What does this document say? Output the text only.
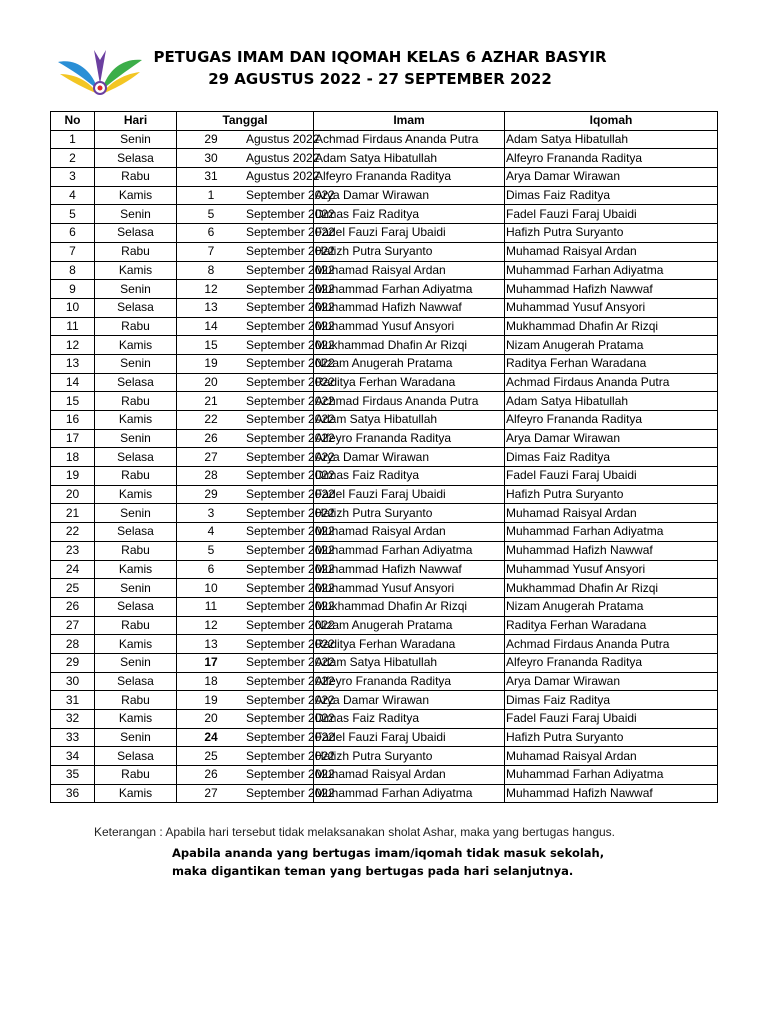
PETUGAS IMAM DAN IQOMAH KELAS 6 AZHAR BASYIR
29 AGUSTUS 2022 - 27 SEPTEMBER 2022
No	Hari	Tanggal		Imam	Iqomah
1	Senin	29	Agustus 2022	Achmad Firdaus Ananda Putra	Adam Satya Hibatullah
2	Selasa	30	Agustus 2022	Adam Satya Hibatullah	Alfeyro Frananda Raditya
3	Rabu	31	Agustus 2022	Alfeyro Frananda Raditya	Arya Damar Wirawan
4	Kamis	1	September 2022	Arya Damar Wirawan	Dimas Faiz Raditya
5	Senin	5	September 2022	Dimas Faiz Raditya	Fadel Fauzi Faraj Ubaidi
6	Selasa	6	September 2022	Fadel Fauzi Faraj Ubaidi	Hafizh Putra Suryanto
7	Rabu	7	September 2022	Hafizh Putra Suryanto	Muhamad Raisyal Ardan
8	Kamis	8	September 2022	Muhamad Raisyal Ardan	Muhammad Farhan Adiyatma
9	Senin	12	September 2022	Muhammad Farhan Adiyatma	Muhammad Hafizh Nawwaf
10	Selasa	13	September 2022	Muhammad Hafizh Nawwaf	Muhammad Yusuf Ansyori
11	Rabu	14	September 2022	Muhammad Yusuf Ansyori	Mukhammad Dhafin Ar Rizqi
12	Kamis	15	September 2022	Mukhammad Dhafin Ar Rizqi	Nizam Anugerah Pratama
13	Senin	19	September 2022	Nizam Anugerah Pratama	Raditya Ferhan Waradana
14	Selasa	20	September 2022	Raditya Ferhan Waradana	Achmad Firdaus Ananda Putra
15	Rabu	21	September 2022	Achmad Firdaus Ananda Putra	Adam Satya Hibatullah
16	Kamis	22	September 2022	Adam Satya Hibatullah	Alfeyro Frananda Raditya
17	Senin	26	September 2022	Alfeyro Frananda Raditya	Arya Damar Wirawan
18	Selasa	27	September 2022	Arya Damar Wirawan	Dimas Faiz Raditya
19	Rabu	28	September 2022	Dimas Faiz Raditya	Fadel Fauzi Faraj Ubaidi
20	Kamis	29	September 2022	Fadel Fauzi Faraj Ubaidi	Hafizh Putra Suryanto
21	Senin	3	September 2022	Hafizh Putra Suryanto	Muhamad Raisyal Ardan
22	Selasa	4	September 2022	Muhamad Raisyal Ardan	Muhammad Farhan Adiyatma
23	Rabu	5	September 2022	Muhammad Farhan Adiyatma	Muhammad Hafizh Nawwaf
24	Kamis	6	September 2022	Muhammad Hafizh Nawwaf	Muhammad Yusuf Ansyori
25	Senin	10	September 2022	Muhammad Yusuf Ansyori	Mukhammad Dhafin Ar Rizqi
26	Selasa	11	September 2022	Mukhammad Dhafin Ar Rizqi	Nizam Anugerah Pratama
27	Rabu	12	September 2022	Nizam Anugerah Pratama	Raditya Ferhan Waradana
28	Kamis	13	September 2022	Raditya Ferhan Waradana	Achmad Firdaus Ananda Putra
29	Senin	17	September 2022	Adam Satya Hibatullah	Alfeyro Frananda Raditya
30	Selasa	18	September 2022	Alfeyro Frananda Raditya	Arya Damar Wirawan
31	Rabu	19	September 2022	Arya Damar Wirawan	Dimas Faiz Raditya
32	Kamis	20	September 2022	Dimas Faiz Raditya	Fadel Fauzi Faraj Ubaidi
33	Senin	24	September 2022	Fadel Fauzi Faraj Ubaidi	Hafizh Putra Suryanto
34	Selasa	25	September 2022	Hafizh Putra Suryanto	Muhamad Raisyal Ardan
35	Rabu	26	September 2022	Muhamad Raisyal Ardan	Muhammad Farhan Adiyatma
36	Kamis	27	September 2022	Muhammad Farhan Adiyatma	Muhammad Hafizh Nawwaf
Keterangan : Apabila hari tersebut tidak melaksanakan sholat Ashar, maka yang bertugas hangus.
Apabila ananda yang bertugas imam/iqomah tidak masuk sekolah,
maka digantikan teman yang bertugas pada hari selanjutnya.
